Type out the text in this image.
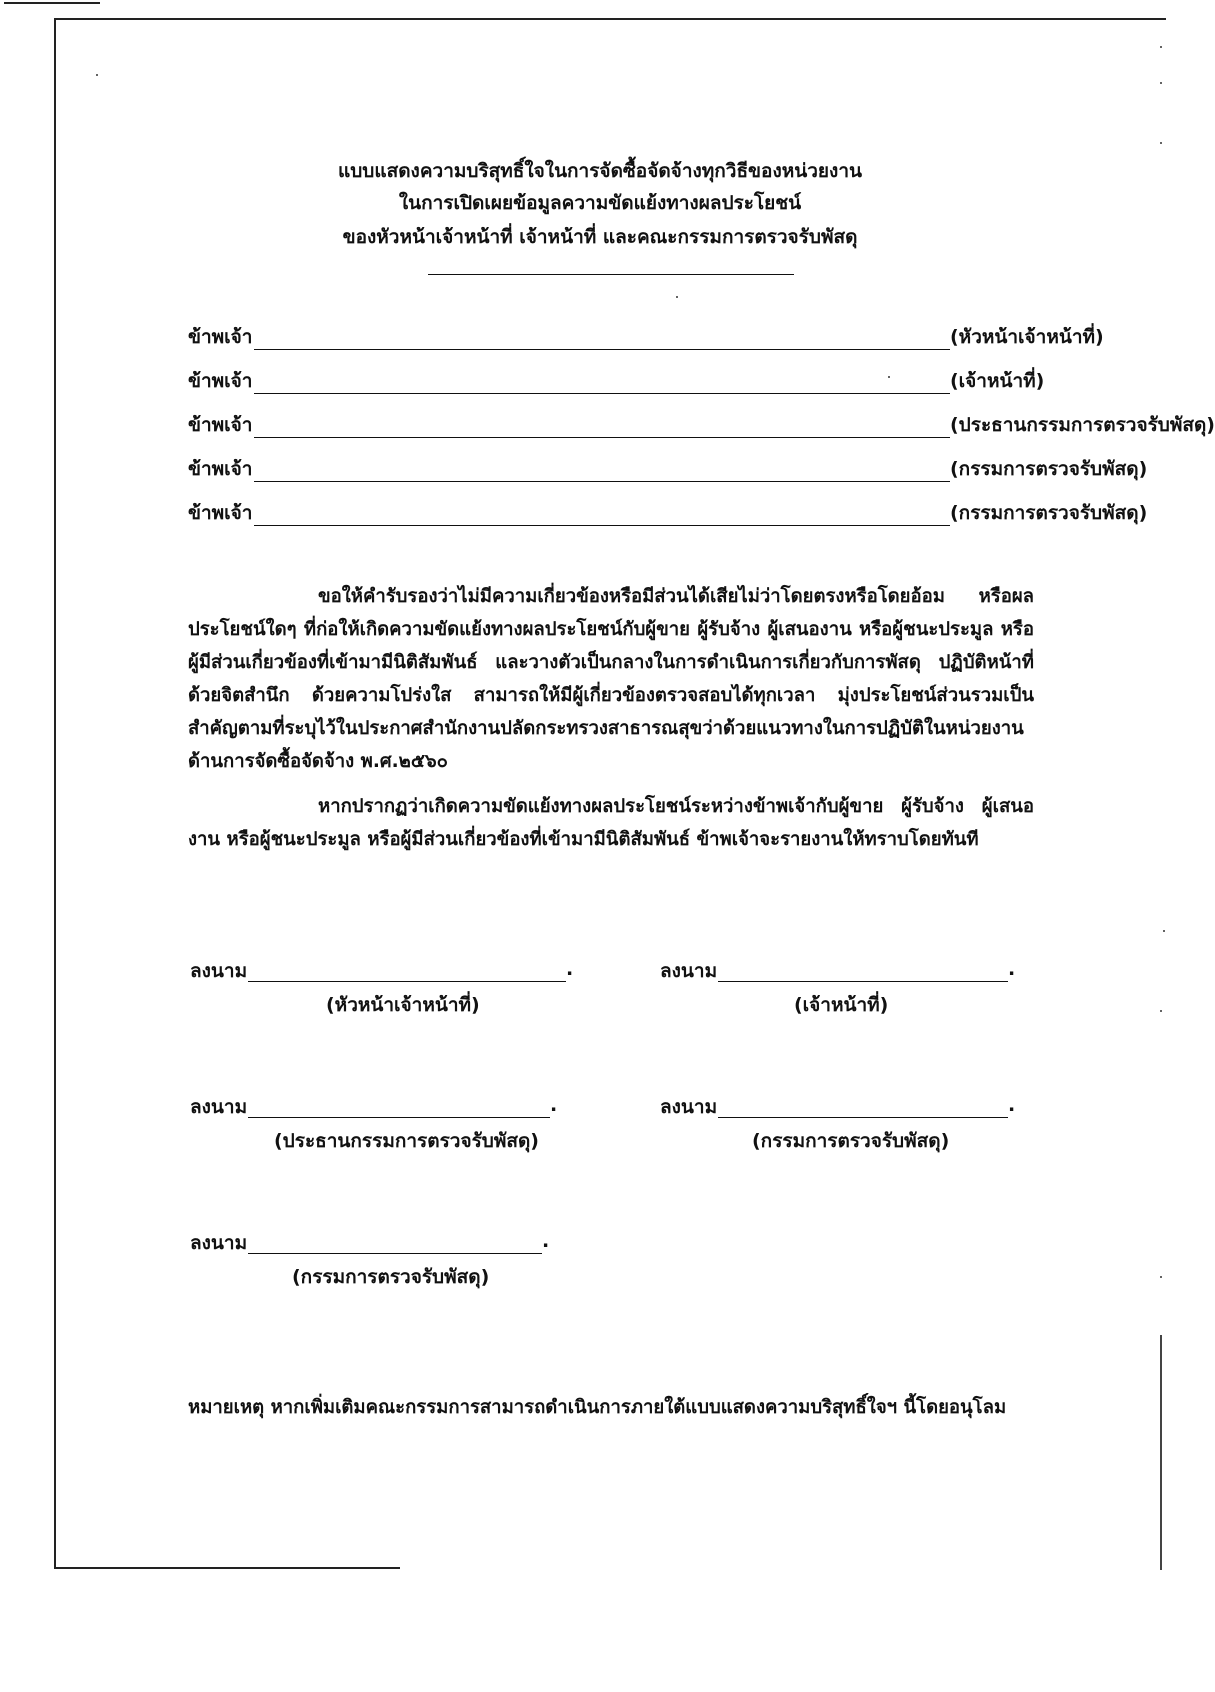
แบบแสดงความบริสุทธิ์ใจในการจัดซื้อจัดจ้างทุกวิธีของหน่วยงาน
ในการเปิดเผยข้อมูลความขัดแย้งทางผลประโยชน์
ของหัวหน้าเจ้าหน้าที่ เจ้าหน้าที่ และคณะกรรมการตรวจรับพัสดุ
ข้าพเจ้า	(หัวหน้าเจ้าหน้าที่)
ข้าพเจ้า	(เจ้าหน้าที่)
ข้าพเจ้า	(ประธานกรรมการตรวจรับพัสดุ)
ข้าพเจ้า	(กรรมการตรวจรับพัสดุ)
ข้าพเจ้า	(กรรมการตรวจรับพัสดุ)
ขอให้คำรับรองว่าไม่มีความเกี่ยวข้องหรือมีส่วนได้เสียไม่ว่าโดยตรงหรือโดยอ้อม หรือผลประโยชน์ใดๆ ที่ก่อให้เกิดความขัดแย้งทางผลประโยชน์กับผู้ขาย ผู้รับจ้าง ผู้เสนองาน หรือผู้ชนะประมูล หรือผู้มีส่วนเกี่ยวข้องที่เข้ามามีนิติสัมพันธ์ และวางตัวเป็นกลางในการดำเนินการเกี่ยวกับการพัสดุ ปฏิบัติหน้าที่ด้วยจิตสำนึก ด้วยความโปร่งใส สามารถให้มีผู้เกี่ยวข้องตรวจสอบได้ทุกเวลา มุ่งประโยชน์ส่วนรวมเป็นสำคัญตามที่ระบุไว้ในประกาศสำนักงานปลัดกระทรวงสาธารณสุขว่าด้วยแนวทางในการปฏิบัติในหน่วยงานด้านการจัดซื้อจัดจ้าง พ.ศ.๒๕๖๐
หากปรากฏว่าเกิดความขัดแย้งทางผลประโยชน์ระหว่างข้าพเจ้ากับผู้ขาย ผู้รับจ้าง ผู้เสนองาน หรือผู้ชนะประมูล หรือผู้มีส่วนเกี่ยวข้องที่เข้ามามีนิติสัมพันธ์ ข้าพเจ้าจะรายงานให้ทราบโดยทันที
ลงนาม	.
(หัวหน้าเจ้าหน้าที่)
ลงนาม	.
(เจ้าหน้าที่)
ลงนาม	.
(ประธานกรรมการตรวจรับพัสดุ)
ลงนาม	.
(กรรมการตรวจรับพัสดุ)
ลงนาม	.
(กรรมการตรวจรับพัสดุ)
หมายเหตุ หากเพิ่มเติมคณะกรรมการสามารถดำเนินการภายใต้แบบแสดงความบริสุทธิ์ใจฯ นี้โดยอนุโลม
